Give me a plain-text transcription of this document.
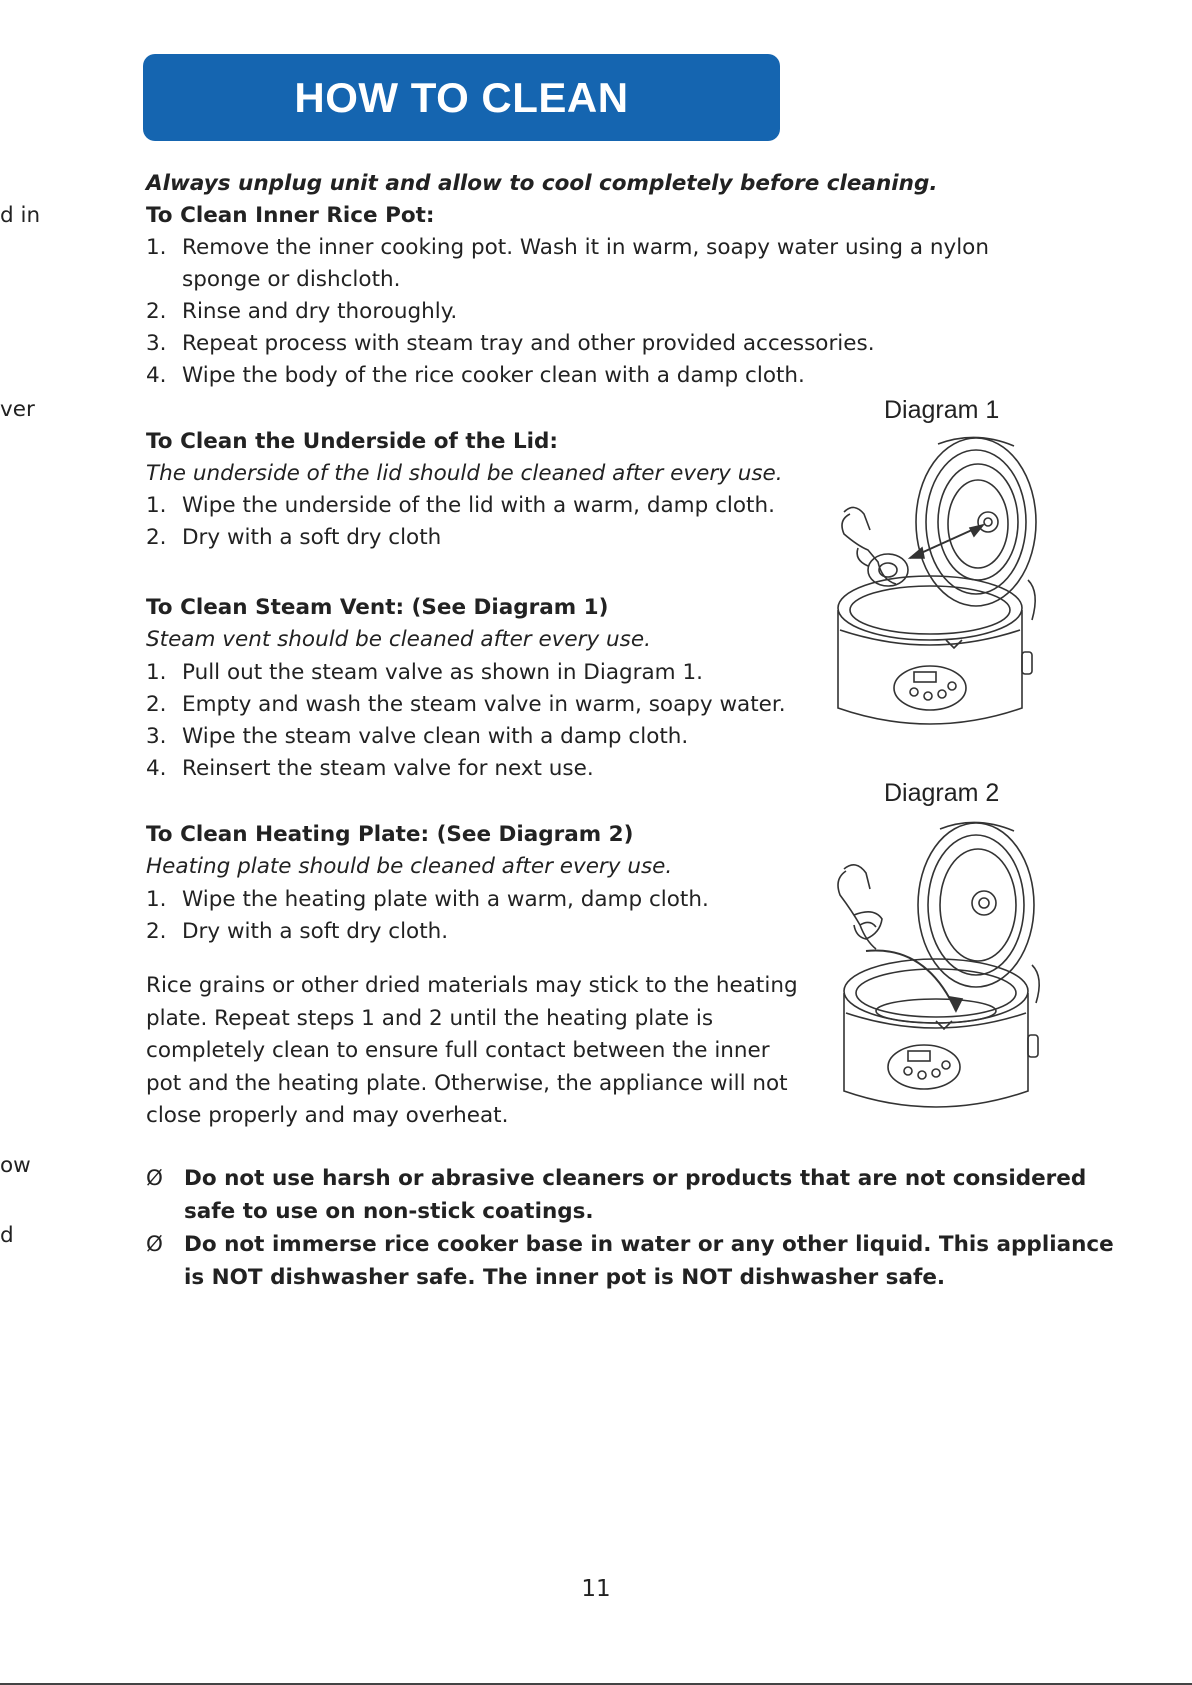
d in
ver
ow
d
HOW TO CLEAN
Always unplug unit and allow to cool completely before cleaning.
To Clean Inner Rice Pot:
1. Remove the inner cooking pot. Wash it in warm, soapy water using a nylon
sponge or dishcloth.
2. Rinse and dry thoroughly.
3. Repeat process with steam tray and other provided accessories.
4. Wipe the body of the rice cooker clean with a damp cloth.
To Clean the Underside of the Lid:
The underside of the lid should be cleaned after every use.
1. Wipe the underside of the lid with a warm, damp cloth.
2. Dry with a soft dry cloth
To Clean Steam Vent: (See Diagram 1)
Steam vent should be cleaned after every use.
1. Pull out the steam valve as shown in Diagram 1.
2. Empty and wash the steam valve in warm, soapy water.
3. Wipe the steam valve clean with a damp cloth.
4. Reinsert the steam valve for next use.
To Clean Heating Plate: (See Diagram 2)
Heating plate should be cleaned after every use.
1. Wipe the heating plate with a warm, damp cloth.
2. Dry with a soft dry cloth.
Rice grains or other dried materials may stick to the heating
plate. Repeat steps 1 and 2 until the heating plate is
completely clean to ensure full contact between the inner
pot and the heating plate. Otherwise, the appliance will not
close properly and may overheat.
Ø Do not use harsh or abrasive cleaners or products that are not considered
safe to use on non-stick coatings.
Ø Do not immerse rice cooker base in water or any other liquid. This appliance
is NOT dishwasher safe. The inner pot is NOT dishwasher safe.
Diagram 1
Diagram 2
11
